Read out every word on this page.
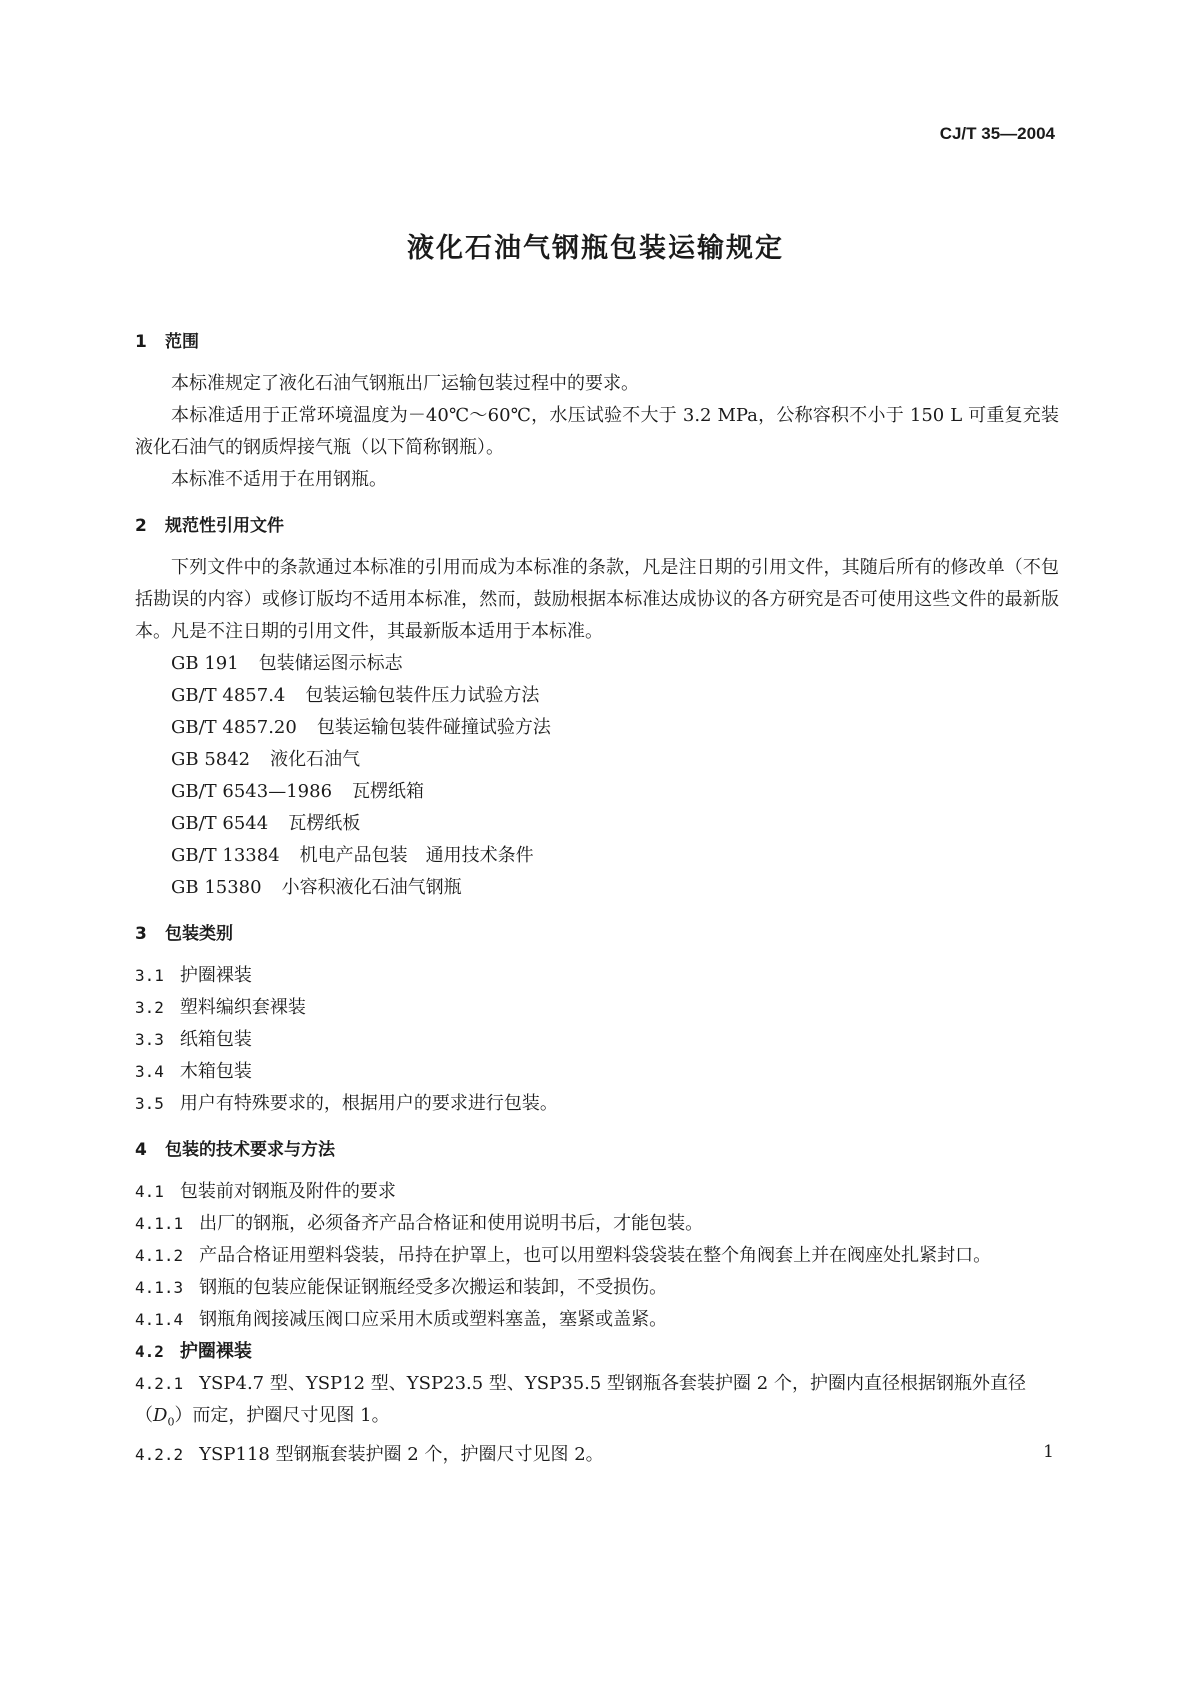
CJ/T 35—2004
液化石油气钢瓶包装运输规定
1 范围
本标准规定了液化石油气钢瓶出厂运输包装过程中的要求。
本标准适用于正常环境温度为－40℃～60℃，水压试验不大于 3.2 MPa，公称容积不小于 150 L 可重复充装液化石油气的钢质焊接气瓶（以下简称钢瓶）。
本标准不适用于在用钢瓶。
2 规范性引用文件
下列文件中的条款通过本标准的引用而成为本标准的条款，凡是注日期的引用文件，其随后所有的修改单（不包括勘误的内容）或修订版均不适用本标准，然而，鼓励根据本标准达成协议的各方研究是否可使用这些文件的最新版本。凡是不注日期的引用文件，其最新版本适用于本标准。
GB 191 包装储运图示标志
GB/T 4857.4 包装运输包装件压力试验方法
GB/T 4857.20 包装运输包装件碰撞试验方法
GB 5842 液化石油气
GB/T 6543—1986 瓦楞纸箱
GB/T 6544 瓦楞纸板
GB/T 13384 机电产品包装　通用技术条件
GB 15380 小容积液化石油气钢瓶
3 包装类别
3.1 护圈裸装
3.2 塑料编织套裸装
3.3 纸箱包装
3.4 木箱包装
3.5 用户有特殊要求的，根据用户的要求进行包装。
4 包装的技术要求与方法
4.1 包装前对钢瓶及附件的要求
4.1.1 出厂的钢瓶，必须备齐产品合格证和使用说明书后，才能包装。
4.1.2 产品合格证用塑料袋装，吊持在护罩上，也可以用塑料袋袋装在整个角阀套上并在阀座处扎紧封口。
4.1.3 钢瓶的包装应能保证钢瓶经受多次搬运和装卸，不受损伤。
4.1.4 钢瓶角阀接减压阀口应采用木质或塑料塞盖，塞紧或盖紧。
4.2 护圈裸装
4.2.1 YSP4.7 型、YSP12 型、YSP23.5 型、YSP35.5 型钢瓶各套装护圈 2 个，护圈内直径根据钢瓶外直径$(D_0)$而定，护圈尺寸见图 1。
4.2.2 YSP118 型钢瓶套装护圈 2 个，护圈尺寸见图 2。	1
